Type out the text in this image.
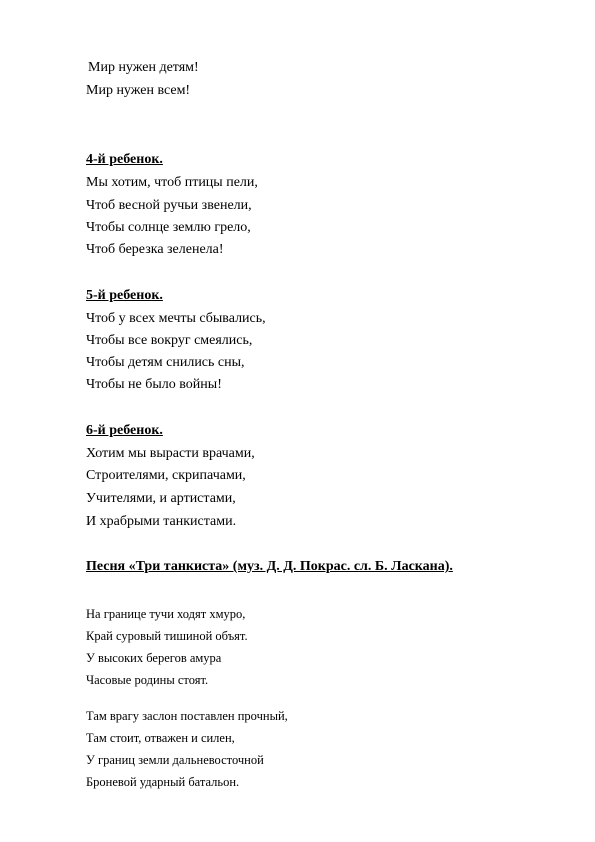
Мир нужен детям!
Мир нужен всем!
4-й ребенок.
Мы хотим, чтоб птицы пели,
Чтоб весной ручьи звенели,
Чтобы солнце землю грело,
Чтоб березка зеленела!
5-й ребенок.
Чтоб у всех мечты сбывались,
Чтобы все вокруг смеялись,
Чтобы детям снились сны,
Чтобы не было войны!
6-й ребенок.
Хотим мы вырасти врачами,
Строителями, скрипачами,
Учителями, и артистами,
И храбрыми танкистами.
Песня «Три танкиста» (муз. Д. Д. Покрас. сл. Б. Ласкана).
На границе тучи ходят хмуро,
Край суровый тишиной объят.
У высоких берегов амура
Часовые родины стоят.
Там врагу заслон поставлен прочный,
Там стоит, отважен и силен,
У границ земли дальневосточной
Броневой ударный батальон.
